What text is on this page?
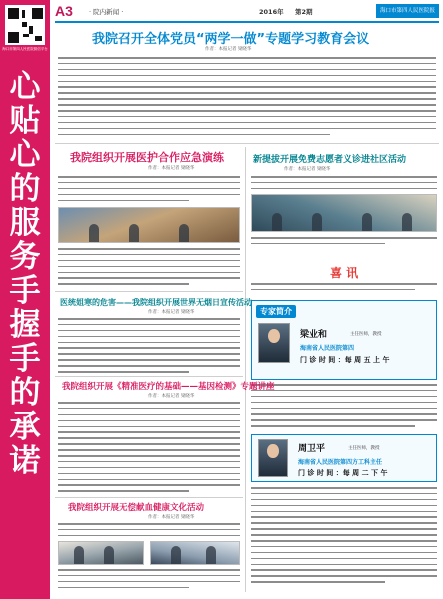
海口市第四人民医院微信平台
心
贴
心
的
服
务
手
握
手
的
承
诺
A3 · 院内新闻 ·	2016年 第2期	海口市第四人民医院报
我院召开全体党员“两学一做”专题学习教育会议
作者：本报记者 梁晓华
我院组织开展医护合作应急演练
作者：本报记者 梁晓华
新提拔开展免费志愿者义诊进社区活动
作者：本报记者 梁晓华
喜 讯
专家简介
梁业和	主任医师，教授
海南省人民医院第四
门 诊 时 间 ：每 周 五 上 午
周卫平	主任医师，教授
海南省人民医院第四方工科主任
门 诊 时 间 ：每 周 二 下 午
医统姐寒的危害——我院组织开展世界无烟日宣传活动
作者：本报记者 梁晓华
我院组织开展《精准医疗的基础——基因检测》专题讲座
作者：本报记者 梁晓华
我院组织开展无偿献血健康文化活动
作者：本报记者 梁晓华
